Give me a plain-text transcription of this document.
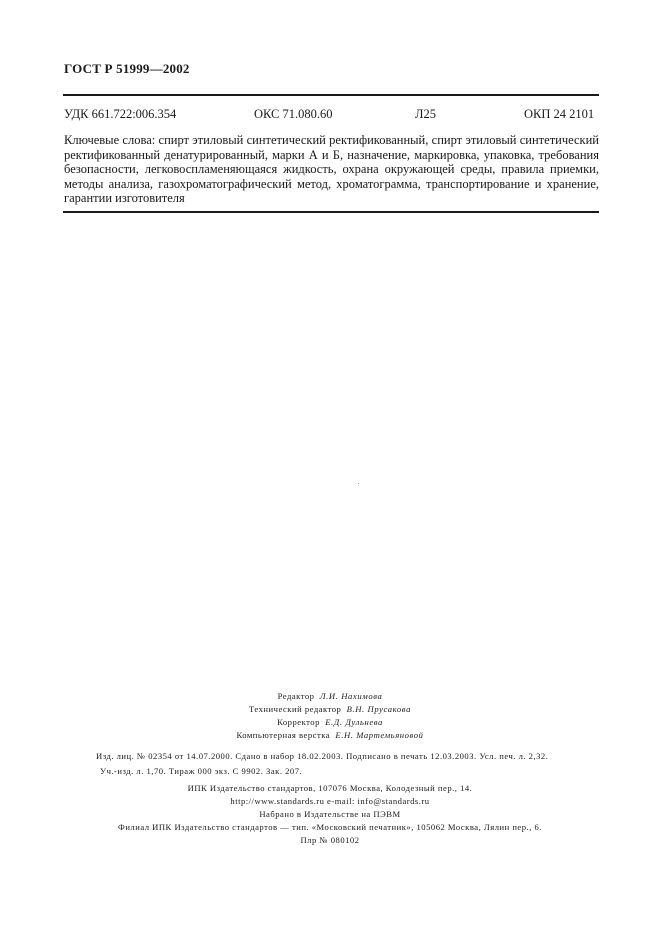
ГОСТ Р 51999—2002
УДК 661.722:006.354	ОКС 71.080.60	Л25	ОКП 24 2101
Ключевые слова: спирт этиловый синтетический ректификованный, спирт этиловый синтетический
ректификованный денатурированный, марки А и Б, назначение, маркировка, упаковка, требования
безопасности, легковоспламеняющаяся жидкость, охрана окружающей среды, правила приемки,
методы анализа, газохроматографический метод, хроматограмма, транспортирование и хранение,
гарантии изготовителя
Редактор Л.И. Нахимова
Технический редактор В.Н. Прусакова
Корректор Е.Д. Дульнева
Компьютерная верстка Е.Н. Мартемьяновой
Изд. лиц. № 02354 от 14.07.2000. Сдано в набор 18.02.2003. Подписано в печать 12.03.2003. Усл. печ. л. 2,32.
Уч.-изд. л. 1,70. Тираж 000 экз. С 9902. Зак. 207.
ИПК Издательство стандартов, 107076 Москва, Колодезный пер., 14.
http://www.standards.ru e-mail: info@standards.ru
Набрано в Издательстве на ПЭВМ
Филиал ИПК Издательство стандартов — тип. «Московский печатник», 105062 Москва, Лялин пер., 6.
Плр № 080102
